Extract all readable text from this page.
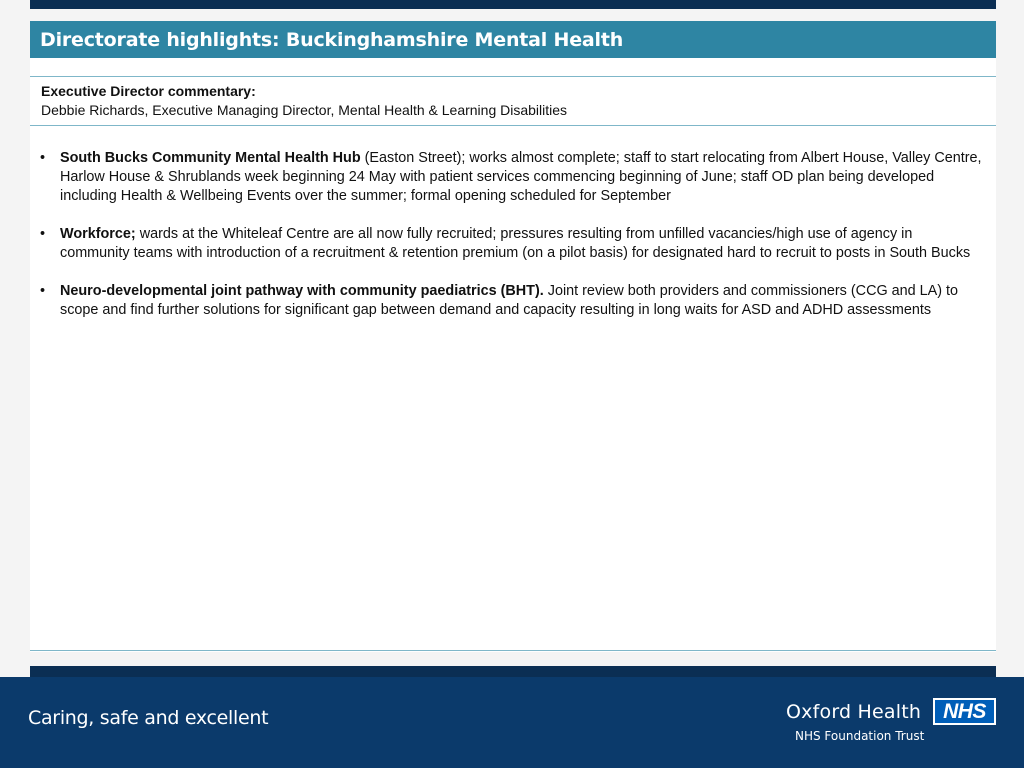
Directorate highlights: Buckinghamshire Mental Health
Executive Director commentary:
Debbie Richards, Executive Managing Director, Mental Health & Learning Disabilities
• South Bucks Community Mental Health Hub (Easton Street); works almost complete; staff to start relocating from Albert House, Valley Centre, Harlow House & Shrublands week beginning 24 May with patient services commencing beginning of June; staff OD plan being developed including Health & Wellbeing Events over the summer; formal opening scheduled for September
• Workforce; wards at the Whiteleaf Centre are all now fully recruited; pressures resulting from unfilled vacancies/high use of agency in community teams with introduction of a recruitment & retention premium (on a pilot basis) for designated hard to recruit to posts in South Bucks
• Neuro-developmental joint pathway with community paediatrics (BHT). Joint review both providers and commissioners (CCG and LA) to scope and find further solutions for significant gap between demand and capacity resulting in long waits for ASD and ADHD assessments
Caring, safe and excellent	Oxford Health
NHS Foundation Trust
NHS
